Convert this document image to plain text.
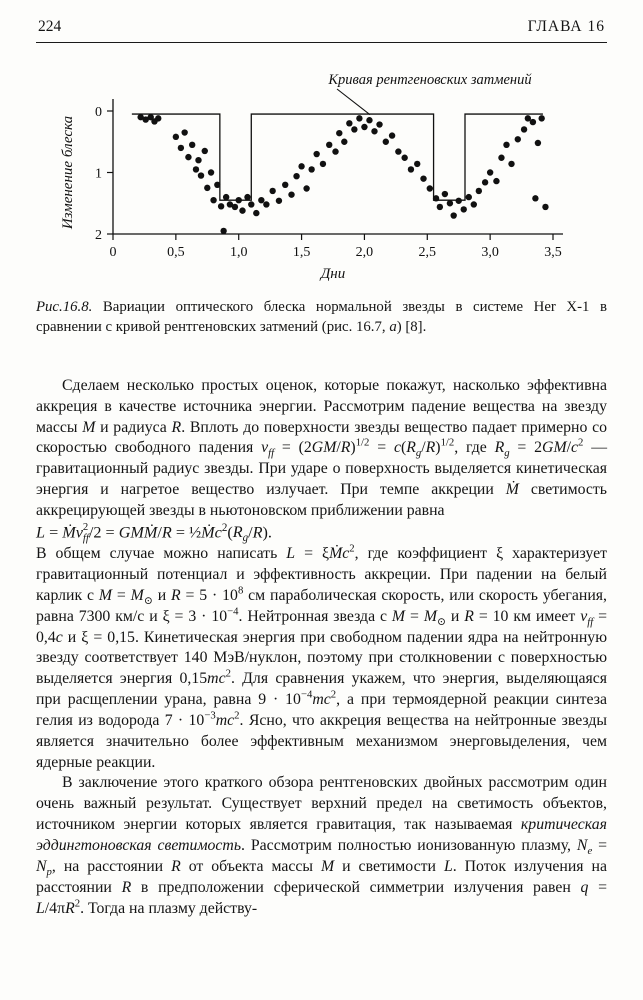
224	ГЛАВА 16
0	0,5	1,0	1,5	2,0	2,5	3,0	3,5
0
1
2
Дни
Изменение блеска
Кривая рентгеновских затмений
Рис.16.8. Вариации оптического блеска нормальной звезды в системе Her X-1 в сравнении с кривой рентгеновских затмений (рис. 16.7, а) [8].

Сделаем несколько простых оценок, которые покажут, насколько эффективна аккреция в качестве источника энергии. Рассмотрим падение вещества на звезду массы M и радиуса R. Вплоть до поверхности звезды вещество падает примерно со скоростью свободного падения $v_{ff} = (2GM/R)^{1/2} = c(R_g/R)^{1/2}$, где $R_g = 2GM/c^2$ — гравитационный радиус звезды. При ударе о поверхность выделяется кинетическая энергия и нагретое вещество излучает. При темпе аккреции Ṁ светимость аккрецирующей звезды в ньютоновском приближении равна

L = Ṁv 2
ff /2 = GMṀ/R = $\frac{1}{2}Ṁc^2(R_g/R)$.

В общем случае можно написать L = ξṀc$^2$, где коэффициент ξ характеризует гравитационный потенциал и эффективность аккреции. При падении на белый карлик с $M = M_⊙$ и $R = 5 \cdot 10^8$ см параболическая скорость, или скорость убегания, равна 7300 км/с и $\xi = 3 \cdot 10^{-4}$. Нейтронная звезда с $M = M_⊙$ и R = 10 км имеет $v_{ff} = 0,4c$ и ξ = 0,15. Кинетическая энергия при свободном падении ядра на нейтронную звезду соответствует 140 МэВ/нуклон, поэтому при столкновении с поверхностью выделяется энергия $0,15mc^2$. Для сравнения укажем, что энергия, выделяющаяся при расщеплении урана, равна $9 \cdot 10^{-4}mc^2$, а при термоядерной реакции синтеза гелия из водорода $7 \cdot 10^{-3}mc^2$. Ясно, что аккреция вещества на нейтронные звезды является значительно более эффективным механизмом энерговыделения, чем ядерные реакции.

В заключение этого краткого обзора рентгеновских двойных рассмотрим один очень важный результат. Существует верхний предел на светимость объектов, источником энергии которых является гравитация, так называемая критическая эддингтоновская светимость. Рассмотрим полностью ионизованную плазму, $N_e = N_p$, на расстоянии R от объекта массы M и светимости L. Поток излучения на расстоянии R в предположении сферической симметрии излучения равен $q = L/4\pi R^2$. Тогда на плазму действу-
